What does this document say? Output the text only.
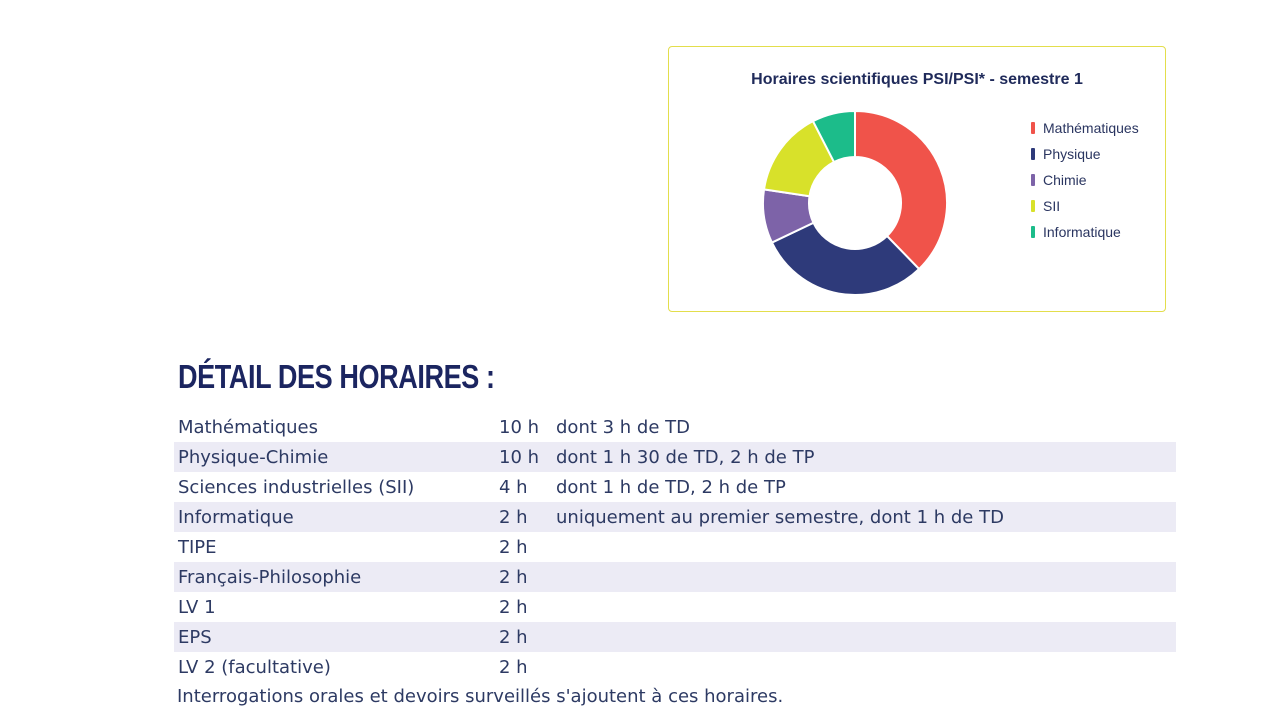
Horaires scientifiques PSI/PSI* - semestre 1
Mathématiques
Physique
Chimie
SII
Informatique
DÉTAIL DES HORAIRES :
Mathématiques	10 h dont 3 h de TD
Physique-Chimie	10 h dont 1 h 30 de TD, 2 h de TP
Sciences industrielles (SII)	4 h	dont 1 h de TD, 2 h de TP
Informatique	2 h	uniquement au premier semestre, dont 1 h de TD
TIPE	2 h
Français-Philosophie	2 h
LV 1	2 h
EPS	2 h
LV 2 (facultative)	2 h
Interrogations orales et devoirs surveillés s'ajoutent à ces horaires.
